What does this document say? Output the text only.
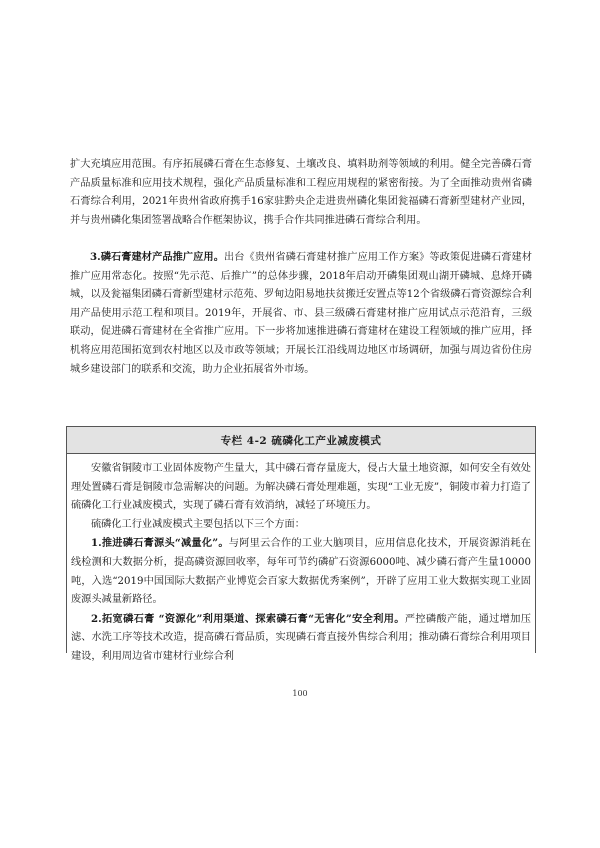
扩大充填应用范围。有序拓展磷石膏在生态修复、土壤改良、填料助剂等领域的利用。健全完善磷石膏产品质量标准和应用技术规程，强化产品质量标准和工程应用规程的紧密衔接。为了全面推动贵州省磷石膏综合利用，2021年贵州省政府携手16家驻黔央企走进贵州磷化集团瓮福磷石膏新型建材产业园，并与贵州磷化集团签署战略合作框架协议，携手合作共同推进磷石膏综合利用。

3.磷石膏建材产品推广应用。出台《贵州省磷石膏建材推广应用工作方案》等政策促进磷石膏建材推广应用常态化。按照“先示范、后推广”的总体步骤，2018年启动开磷集团观山湖开磷城、息烽开磷城，以及瓮福集团磷石膏新型建材示范苑、罗甸边阳易地扶贫搬迁安置点等12个省级磷石膏资源综合利用产品使用示范工程和项目。2019年，开展省、市、县三级磷石膏建材推广应用试点示范沿育，三级联动，促进磷石膏建材在全省推广应用。下一步将加速推进磷石膏建材在建设工程领域的推广应用，择机将应用范围拓宽到农村地区以及市政等领域；开展长江沿线周边地区市场调研，加强与周边省份住房城乡建设部门的联系和交流，助力企业拓展省外市场。

专栏 4-2 硫磷化工产业减废模式

安徽省铜陵市工业固体废物产生量大，其中磷石膏存量庞大，侵占大量土地资源，如何安全有效处理处置磷石膏是铜陵市急需解决的问题。为解决磷石膏处理难题，实现“工业无废”，铜陵市着力打造了硫磷化工行业减废模式，实现了磷石膏有效消纳，减轻了环境压力。

硫磷化工行业减废模式主要包括以下三个方面：

1.推进磷石膏源头“减量化”。与阿里云合作的工业大脑项目，应用信息化技术，开展资源消耗在线检测和大数据分析，提高磷资源回收率，每年可节约磷矿石资源6000吨、减少磷石膏产生量10000吨，入选“2019中国国际大数据产业博览会百家大数据优秀案例”，开辟了应用工业大数据实现工业固废源头减量新路径。

2.拓宽磷石膏 “资源化”利用渠道、探索磷石膏“无害化”安全利用。严控磷酸产能，通过增加压滤、水洗工序等技术改造，提高磷石膏品质，实现磷石膏直接外售综合利用；推动磷石膏综合利用项目建设，利用周边省市建材行业综合利

100
